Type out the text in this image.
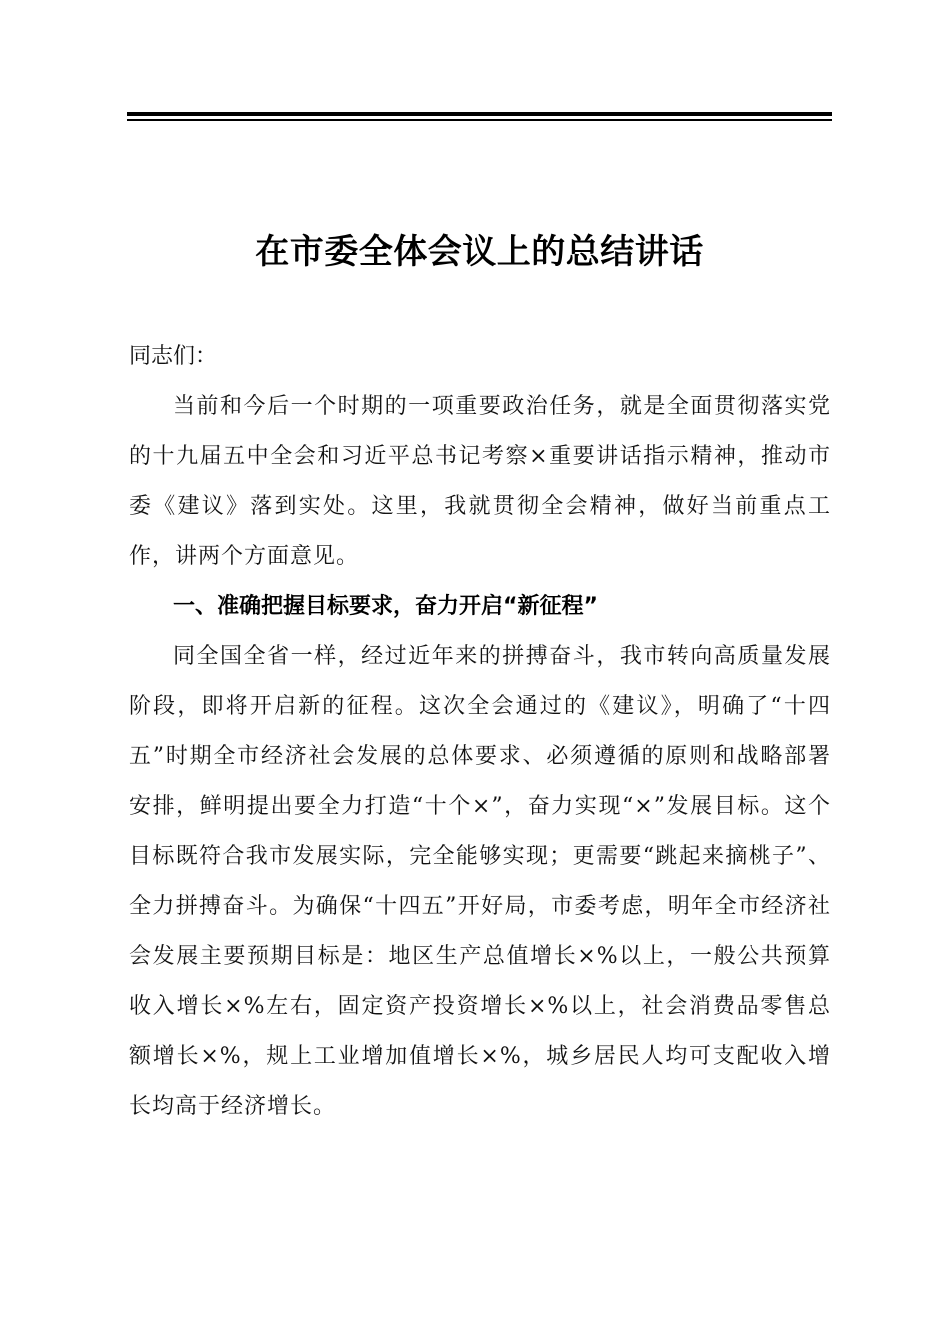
在市委全体会议上的总结讲话

同志们：

当前和今后一个时期的一项重要政治任务，就是全面贯彻落实党的十九届五中全会和习近平总书记考察×重要讲话指示精神，推动市委《建议》落到实处。这里，我就贯彻全会精神，做好当前重点工作，讲两个方面意见。

一、准确把握目标要求，奋力开启“新征程”

同全国全省一样，经过近年来的拼搏奋斗，我市转向高质量发展阶段，即将开启新的征程。这次全会通过的《建议》，明确了“十四五”时期全市经济社会发展的总体要求、必须遵循的原则和战略部署安排，鲜明提出要全力打造“十个×”，奋力实现“×”发展目标。这个目标既符合我市发展实际，完全能够实现；更需要“跳起来摘桃子”、全力拼搏奋斗。为确保“十四五”开好局，市委考虑，明年全市经济社会发展主要预期目标是：地区生产总值增长×%以上，一般公共预算收入增长×%左右，固定资产投资增长×%以上，社会消费品零售总额增长×%，规上工业增加值增长×%，城乡居民人均可支配收入增长均高于经济增长。
